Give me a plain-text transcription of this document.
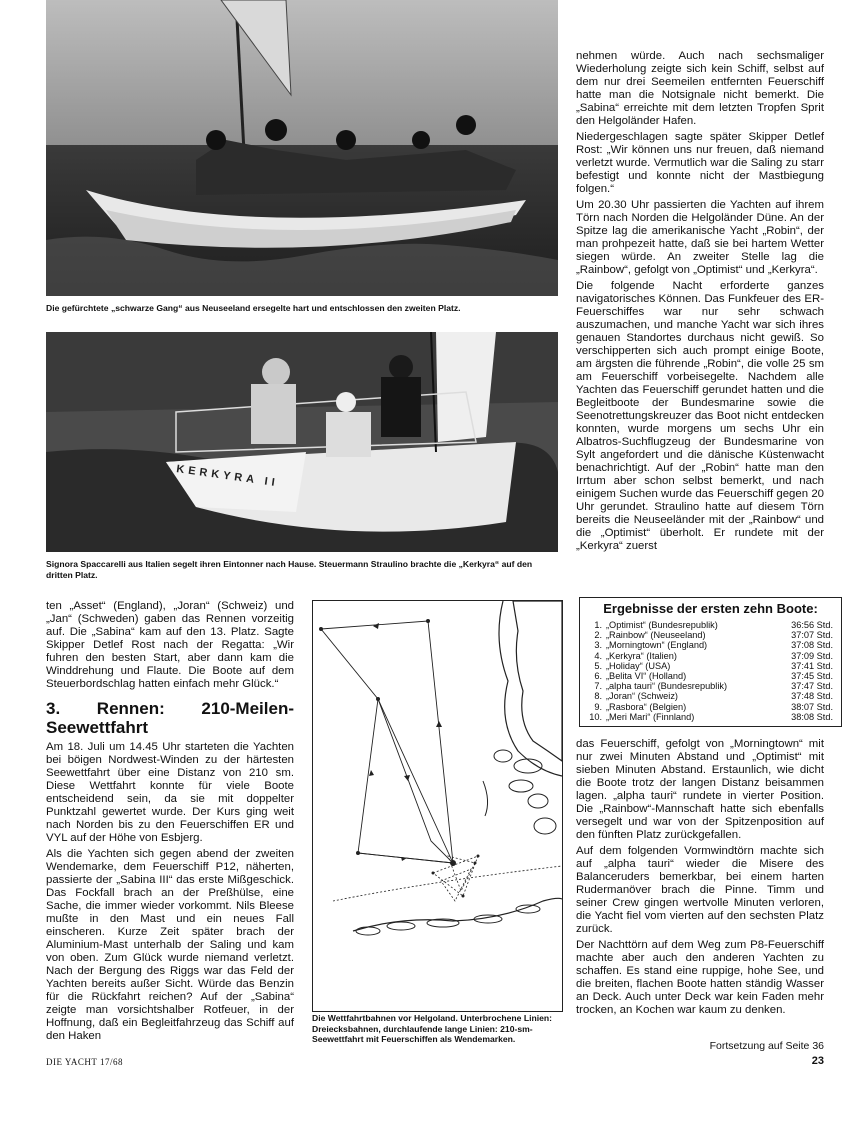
Die gefürchtete „schwarze Gang“ aus Neuseeland ersegelte hart und entschlossen den zweiten Platz.
KERKYRA II
Signora Spaccarelli aus Italien segelt ihren Eintonner nach Hause. Steuermann Straulino brachte die „Kerkyra“ auf den dritten Platz.

nehmen würde. Auch nach sechsmaliger Wiederholung zeigte sich kein Schiff, selbst auf dem nur drei Seemeilen entfernten Feuerschiff hatte man die Notsignale nicht bemerkt. Die „Sabina“ erreichte mit dem letzten Tropfen Sprit den Helgoländer Hafen.

Niedergeschlagen sagte später Skipper Detlef Rost: „Wir können uns nur freuen, daß niemand verletzt wurde. Vermutlich war die Saling zu starr befestigt und konnte nicht der Mastbiegung folgen.“

Um 20.30 Uhr passierten die Yachten auf ihrem Törn nach Norden die Helgoländer Düne. An der Spitze lag die amerikanische Yacht „Robin“, der man prohpezeit hatte, daß sie bei hartem Wetter siegen würde. An zweiter Stelle lag die „Rainbow“, gefolgt von „Optimist“ und „Kerkyra“.

Die folgende Nacht erforderte ganzes navigatorisches Können. Das Funkfeuer des ER-Feuerschiffes war nur sehr schwach auszumachen, und manche Yacht war sich ihres genauen Standortes durchaus nicht gewiß. So verschipperten sich auch prompt einige Boote, am ärgsten die führende „Robin“, die volle 25 sm am Feuerschiff vorbeisegelte. Nachdem alle Yachten das Feuerschiff gerundet hatten und die Begleitboote der Bundesmarine sowie die Seenotrettungskreuzer das Boot nicht entdecken konnten, wurde morgens um sechs Uhr ein Albatros-Suchflugzeug der Bundesmarine von Sylt angefordert und die dänische Küstenwacht benachrichtigt. Auf der „Robin“ hatte man den Irrtum aber schon selbst bemerkt, und nach einigem Suchen wurde das Feuerschiff gegen 20 Uhr gerundet. Straulino hatte auf diesem Törn bereits die Neuseeländer mit der „Rainbow“ und die „Optimist“ überholt. Er rundete mit der „Kerkyra“ zuerst

ten „Asset“ (England), „Joran“ (Schweiz) und „Jan“ (Schweden) gaben das Rennen vorzeitig auf. Die „Sabina“ kam auf den 13. Platz. Sagte Skipper Detlef Rost nach der Regatta: „Wir fuhren den besten Start, aber dann kam die Winddrehung und Flaute. Die Boote auf dem Steuerbordschlag hatten einfach mehr Glück.“

3. Rennen: 210-Meilen-Seewettfahrt

Am 18. Juli um 14.45 Uhr starteten die Yachten bei böigen Nordwest-Winden zu der härtesten Seewettfahrt über eine Distanz von 210 sm. Diese Wettfahrt konnte für viele Boote entscheidend sein, da sie mit doppelter Punktzahl gewertet wurde. Der Kurs ging weit nach Norden bis zu den Feuerschiffen ER und VYL auf der Höhe von Esbjerg.

Als die Yachten sich gegen abend der zweiten Wendemarke, dem Feuerschiff P12, näherten, passierte der „Sabina III“ das erste Mißgeschick. Das Fockfall brach an der Preßhülse, eine Sache, die immer wieder vorkommt. Nils Bleese mußte in den Mast und ein neues Fall einscheren. Kurze Zeit später brach der Aluminium-Mast unterhalb der Saling und kam von oben. Zum Glück wurde niemand verletzt. Nach der Bergung des Riggs war das Feld der Yachten bereits außer Sicht. Würde das Benzin für die Rückfahrt reichen? Auf der „Sabina“ zeigte man vorsichtshalber Rotfeuer, in der Hoffnung, daß ein Begleitfahrzeug das Schiff auf den Haken

Die Wettfahrtbahnen vor Helgoland. Unterbrochene Linien: Dreiecksbahnen, durchlaufende lange Linien: 210-sm-Seewettfahrt mit Feuerschiffen als Wendemarken.
Ergebnisse der ersten zehn Boote:
1.	„Optimist“ (Bundesrepublik)	36:56 Std.
2.	„Rainbow“ (Neuseeland)	37:07 Std.
3.	„Morningtown“ (England)	37:08 Std.
4.	„Kerkyra“ (Italien)	37:09 Std.
5.	„Holiday“ (USA)	37:41 Std.
6.	„Belita VI“ (Holland)	37:45 Std.
7.	„alpha tauri“ (Bundesrepublik)	37:47 Std.
8.	„Joran“ (Schweiz)	37:48 Std.
9.	„Rasbora“ (Belgien)	38:07 Std.
10.	„Meri Mari“ (Finnland)	38:08 Std.

das Feuerschiff, gefolgt von „Morningtown“ mit nur zwei Minuten Abstand und „Optimist“ mit sieben Minuten Abstand. Erstaunlich, wie dicht die Boote trotz der langen Distanz beisammen lagen. „alpha tauri“ rundete in vierter Position. Die „Rainbow“-Mannschaft hatte sich ebenfalls versegelt und war von der Spitzenposition auf den fünften Platz zurückgefallen.

Auf dem folgenden Vormwindtörn machte sich auf „alpha tauri“ wieder die Misere des Balanceruders bemerkbar, bei einem harten Rudermanöver brach die Pinne. Timm und seiner Crew gingen wertvolle Minuten verloren, die Yacht fiel vom vierten auf den sechsten Platz zurück.

Der Nachttörn auf dem Weg zum P8-Feuerschiff machte aber auch den anderen Yachten zu schaffen. Es stand eine ruppige, hohe See, und die breiten, flachen Boote hatten ständig Wasser an Deck. Auch unter Deck war kein Faden mehr trocken, an Kochen war kaum zu denken.

Fortsetzung auf Seite 36
DIE YACHT 17/68	23
